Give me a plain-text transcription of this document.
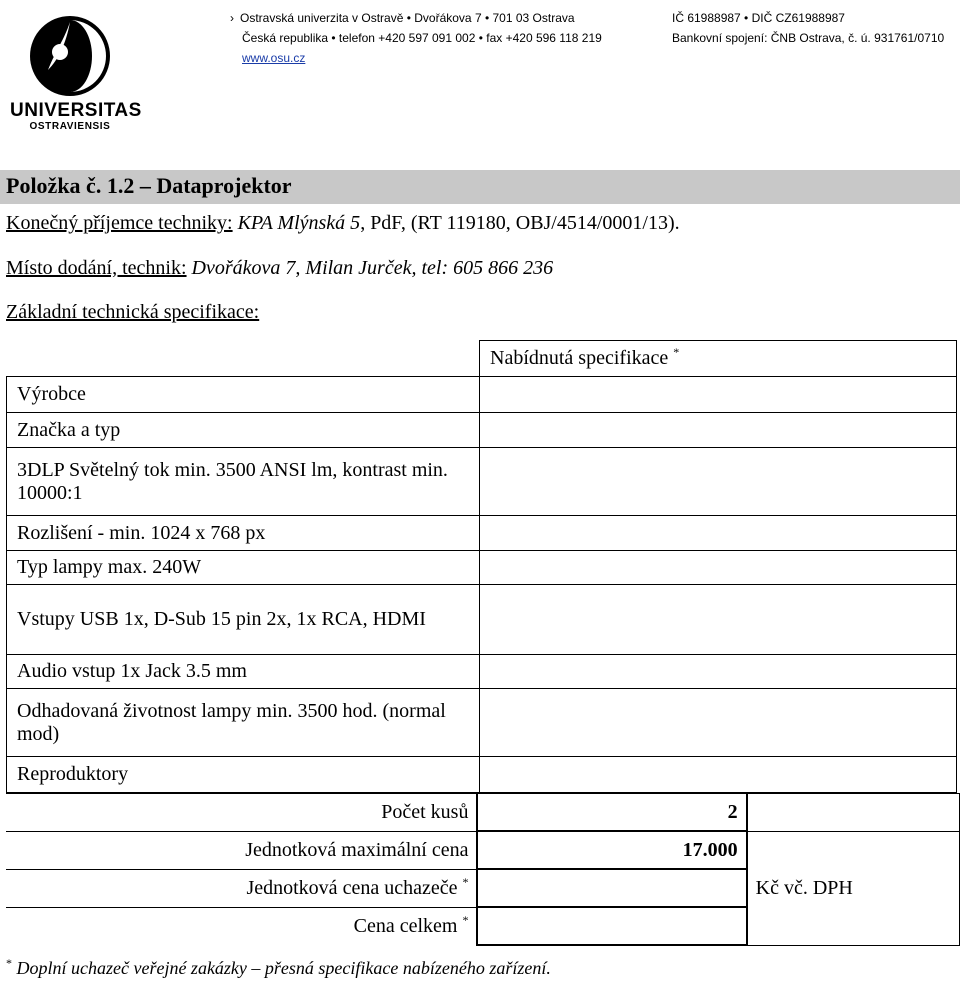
UNIVERSITAS
OSTRAVIENSIS
› Ostravská univerzita v Ostravě • Dvořákova 7 • 701 03 Ostrava
Česká republika • telefon +420 597 091 002 • fax +420 596 118 219
www.osu.cz
IČ 61988987 • DIČ CZ61988987
Bankovní spojení: ČNB Ostrava, č. ú. 931761/0710
Položka č. 1.2 – Dataprojektor
Konečný příjemce techniky: KPA Mlýnská 5, PdF, (RT 119180, OBJ/4514/0001/13).
Místo dodání, technik: Dvořákova 7, Milan Jurček, tel: 605 866 236
Základní technická specifikace:
	Nabídnutá specifikace *
Výrobce	
Značka a typ	
3DLP Světelný tok min. 3500 ANSI lm, kontrast min. 10000:1	
Rozlišení - min. 1024 x 768 px	
Typ lampy max. 240W	
Vstupy USB 1x, D-Sub 15 pin 2x, 1x RCA, HDMI	
Audio vstup 1x Jack 3.5 mm	
Odhadovaná životnost lampy min. 3500 hod. (normal mod)	
Reproduktory	
Počet kusů	2	
Jednotková maximální cena	17.000	Kč vč. DPH
Jednotková cena uchazeče *	
Cena celkem *	
* Doplní uchazeč veřejné zakázky – přesná specifikace nabízeného zařízení.
